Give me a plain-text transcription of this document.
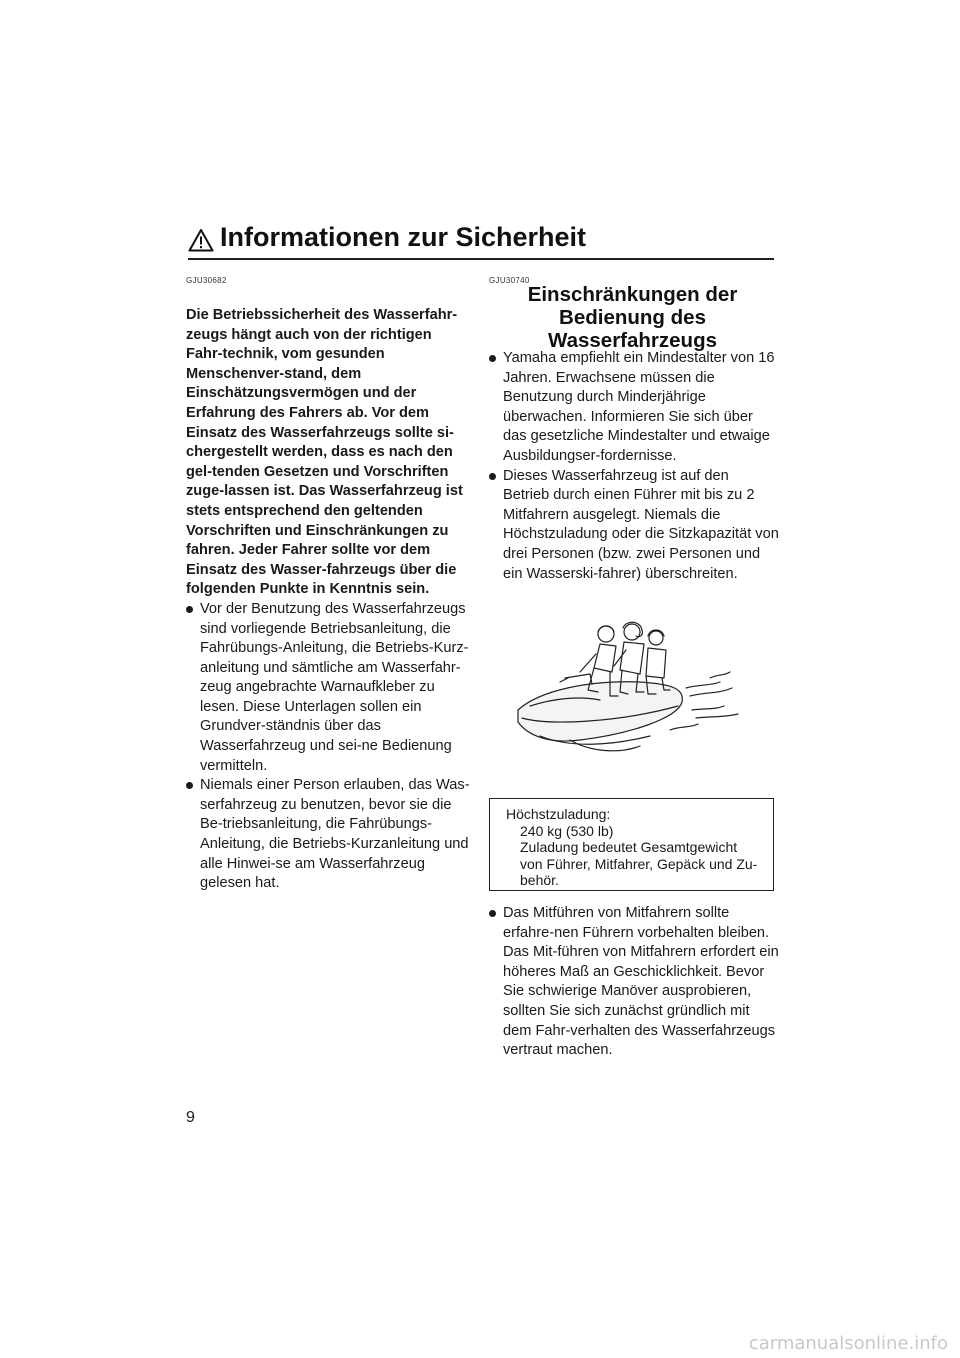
Informationen zur Sicherheit
GJU30682

Die Betriebssicherheit des Wasserfahr-zeugs hängt auch von der richtigen Fahr-technik, vom gesunden Menschenver-stand, dem Einschätzungsvermögen und der Erfahrung des Fahrers ab. Vor dem Einsatz des Wasserfahrzeugs sollte si-chergestellt werden, dass es nach den gel-tenden Gesetzen und Vorschriften zuge-lassen ist. Das Wasserfahrzeug ist stets entsprechend den geltenden Vorschriften und Einschränkungen zu fahren. Jeder Fahrer sollte vor dem Einsatz des Wasser-fahrzeugs über die folgenden Punkte in Kenntnis sein.

Vor der Benutzung des Wasserfahrzeugs sind vorliegende Betriebsanleitung, die Fahrübungs-Anleitung, die Betriebs-Kurz-anleitung und sämtliche am Wasserfahr-zeug angebrachte Warnaufkleber zu lesen. Diese Unterlagen sollen ein Grundver-ständnis über das Wasserfahrzeug und sei-ne Bedienung vermitteln.
Niemals einer Person erlauben, das Was-serfahrzeug zu benutzen, bevor sie die Be-triebsanleitung, die Fahrübungs-Anleitung, die Betriebs-Kurzanleitung und alle Hinwei-se am Wasserfahrzeug gelesen hat.
GJU30740
Einschränkungen der
Bedienung des
Wasserfahrzeugs
Yamaha empfiehlt ein Mindestalter von 16 Jahren. Erwachsene müssen die Benutzung durch Minderjährige überwachen. Informieren Sie sich über das gesetzliche Mindestalter und etwaige Ausbildungser-fordernisse.
Dieses Wasserfahrzeug ist auf den Betrieb durch einen Führer mit bis zu 2 Mitfahrern ausgelegt. Niemals die Höchstzuladung oder die Sitzkapazität von drei Personen (bzw. zwei Personen und ein Wasserski-fahrer) überschreiten.
Höchstzuladung:
240 kg (530 lb)
Zuladung bedeutet Gesamtgewicht von Führer, Mitfahrer, Gepäck und Zu-behör.
Das Mitführen von Mitfahrern sollte erfahre-nen Führern vorbehalten bleiben. Das Mit-führen von Mitfahrern erfordert ein höheres Maß an Geschicklichkeit. Bevor Sie schwierige Manöver ausprobieren, sollten Sie sich zunächst gründlich mit dem Fahr-verhalten des Wasserfahrzeugs vertraut machen.
9
carmanualsonline.info
